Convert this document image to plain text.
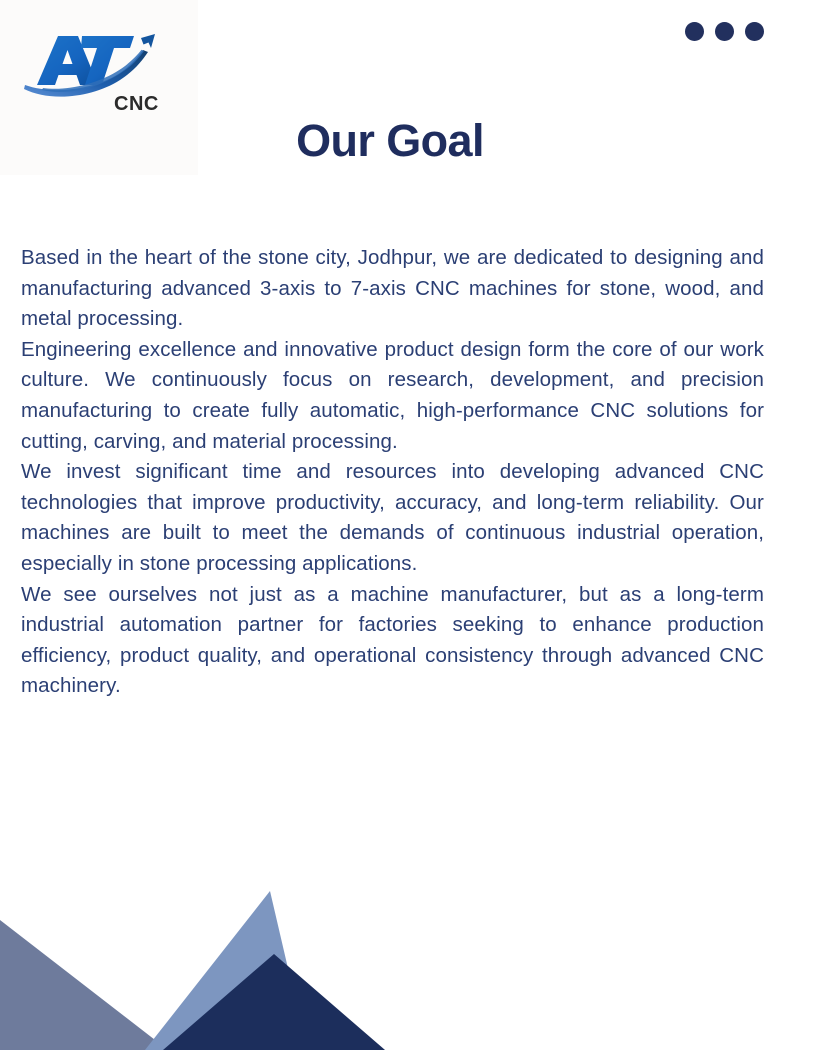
CNC
Our Goal

Based in the heart of the stone city, Jodhpur, we are dedicated to designing and manufacturing advanced 3-axis to 7-axis CNC machines for stone, wood, and metal processing.

Engineering excellence and innovative product design form the core of our work culture. We continuously focus on research, development, and precision manufacturing to create fully automatic, high-performance CNC solutions for cutting, carving, and material processing.

We invest significant time and resources into developing advanced CNC technologies that improve productivity, accuracy, and long-term reliability. Our machines are built to meet the demands of continuous industrial operation, especially in stone processing applications.

We see ourselves not just as a machine manufacturer, but as a long-term industrial automation partner for factories seeking to enhance production efficiency, product quality, and operational consistency through advanced CNC machinery.
